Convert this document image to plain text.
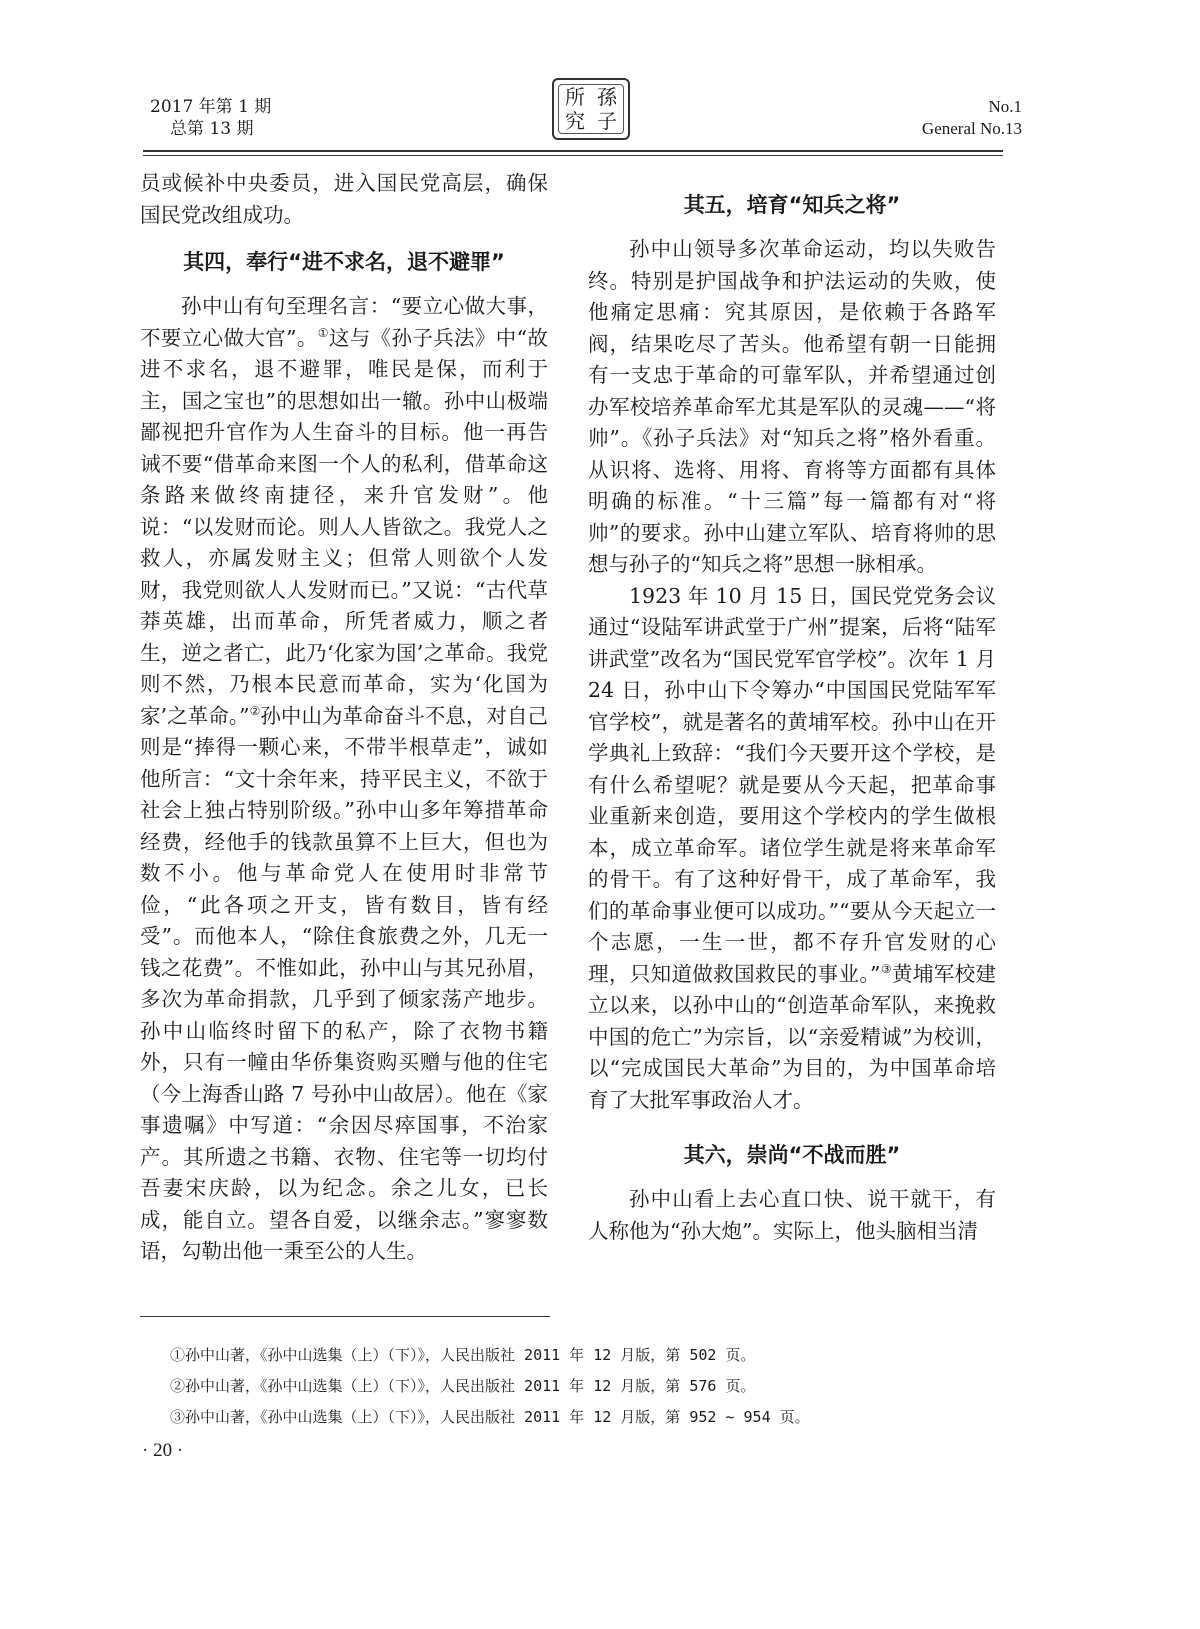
2017 年第 1 期
总第 13 期
所 孫
究 子
No.1
General No.13

员或候补中央委员，进入国民党高层，确保国民党改组成功。

其四，奉行“进不求名，退不避罪”

孙中山有句至理名言：“要立心做大事，不要立心做大官”。①这与《孙子兵法》中“故进不求名，退不避罪，唯民是保，而利于主，国之宝也”的思想如出一辙。孙中山极端鄙视把升官作为人生奋斗的目标。他一再告诫不要“借革命来图一个人的私利，借革命这条路来做终南捷径，来升官发财”。他说：“以发财而论。则人人皆欲之。我党人之救人，亦属发财主义；但常人则欲个人发财，我党则欲人人发财而已。”又说：“古代草莽英雄，出而革命，所凭者威力，顺之者生，逆之者亡，此乃‘化家为国’之革命。我党则不然，乃根本民意而革命，实为‘化国为家’之革命。”②孙中山为革命奋斗不息，对自己则是“捧得一颗心来，不带半根草走”，诚如他所言：“文十余年来，持平民主义，不欲于社会上独占特别阶级。”孙中山多年筹措革命经费，经他手的钱款虽算不上巨大，但也为数不小。他与革命党人在使用时非常节俭，“此各项之开支，皆有数目，皆有经受”。而他本人，“除住食旅费之外，几无一钱之花费”。不惟如此，孙中山与其兄孙眉，多次为革命捐款，几乎到了倾家荡产地步。孙中山临终时留下的私产，除了衣物书籍外，只有一幢由华侨集资购买赠与他的住宅（今上海香山路 7 号孙中山故居）。他在《家事遗嘱》中写道：“余因尽瘁国事，不治家产。其所遗之书籍、衣物、住宅等一切均付吾妻宋庆龄，以为纪念。余之儿女，已长成，能自立。望各自爱，以继余志。”寥寥数语，勾勒出他一秉至公的人生。

其五，培育“知兵之将”

孙中山领导多次革命运动，均以失败告终。特别是护国战争和护法运动的失败，使他痛定思痛：究其原因，是依赖于各路军阀，结果吃尽了苦头。他希望有朝一日能拥有一支忠于革命的可靠军队，并希望通过创办军校培养革命军尤其是军队的灵魂——“将帅”。《孙子兵法》对“知兵之将”格外看重。从识将、选将、用将、育将等方面都有具体明确的标准。“十三篇”每一篇都有对“将帅”的要求。孙中山建立军队、培育将帅的思想与孙子的“知兵之将”思想一脉相承。

1923 年 10 月 15 日，国民党党务会议通过“设陆军讲武堂于广州”提案，后将“陆军讲武堂”改名为“国民党军官学校”。次年 1 月 24 日，孙中山下令筹办“中国国民党陆军军官学校”，就是著名的黄埔军校。孙中山在开学典礼上致辞：“我们今天要开这个学校，是有什么希望呢？就是要从今天起，把革命事业重新来创造，要用这个学校内的学生做根本，成立革命军。诸位学生就是将来革命军的骨干。有了这种好骨干，成了革命军，我们的革命事业便可以成功。”“要从今天起立一个志愿，一生一世，都不存升官发财的心理，只知道做救国救民的事业。”③黄埔军校建立以来，以孙中山的“创造革命军队，来挽救中国的危亡”为宗旨，以“亲爱精诚”为校训，以“完成国民大革命”为目的，为中国革命培育了大批军事政治人才。

其六，崇尚“不战而胜”

孙中山看上去心直口快、说干就干，有人称他为“孙大炮”。实际上，他头脑相当清

①孙中山著，《孙中山选集（上）（下）》，人民出版社 2011 年 12 月版，第 502 页。
②孙中山著，《孙中山选集（上）（下）》，人民出版社 2011 年 12 月版，第 576 页。
③孙中山著，《孙中山选集（上）（下）》，人民出版社 2011 年 12 月版，第 952 ~ 954 页。
· 20 ·
